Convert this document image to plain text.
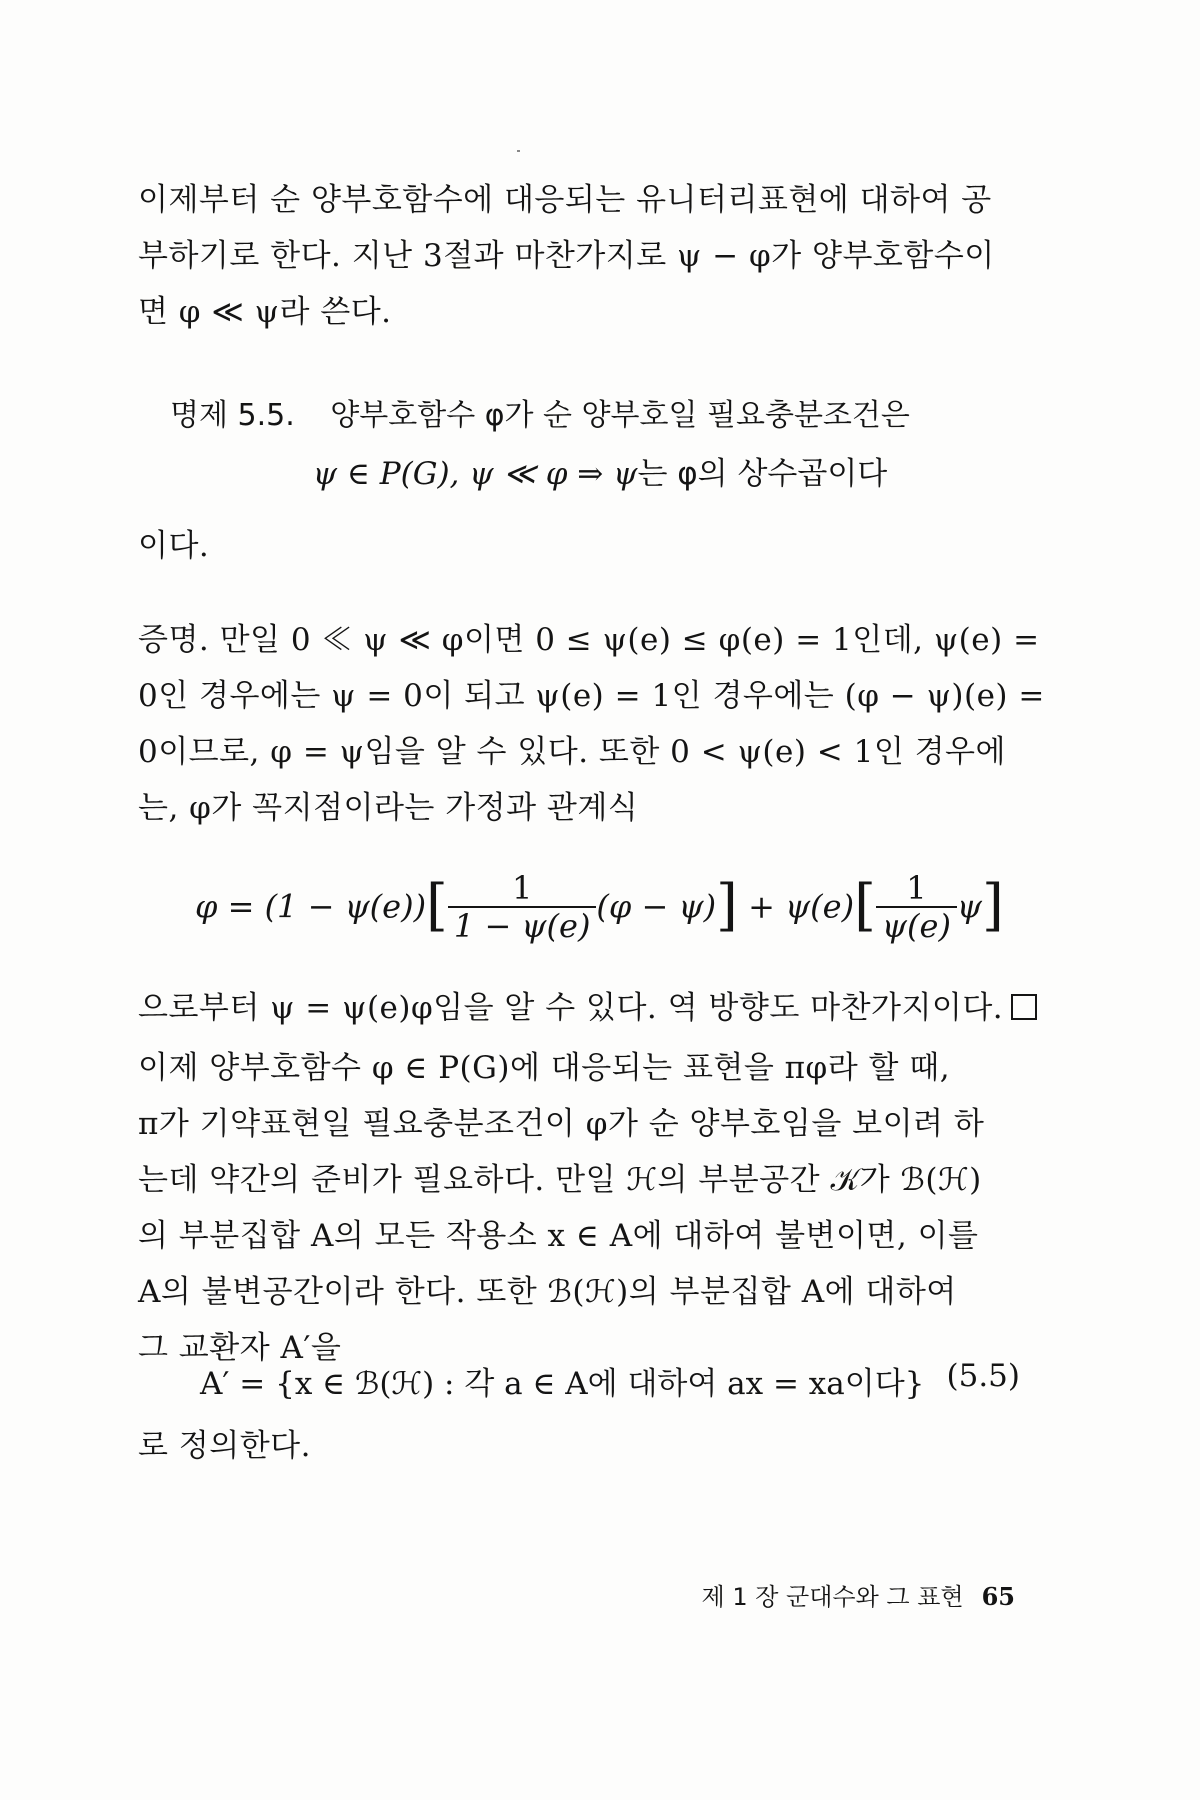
이제부터 순 양부호함수에 대응되는 유니터리표현에 대하여 공
부하기로 한다. 지난 3절과 마찬가지로 ψ − φ가 양부호함수이
면 φ ≪ ψ라 쓴다.

명제 5.5. 양부호함수 φ가 순 양부호일 필요충분조건은
ψ ∈ P(G), ψ ≪ φ ⇒ ψ는 φ의 상수곱이다

이다.

증명. 만일 0 ≪ ψ ≪ φ이면 0 ≤ ψ(e) ≤ φ(e) = 1인데, ψ(e) =
0인 경우에는 ψ = 0이 되고 ψ(e) = 1인 경우에는 (φ − ψ)(e) =
0이므로, φ = ψ임을 알 수 있다. 또한 0 < ψ(e) < 1인 경우에
는, φ가 꼭지점이라는 가정과 관계식

$\varphi = (1 - \psi(e))[ \frac{1}{1 - \psi(e)} (\varphi - \psi)] + \psi(e)[ \frac{1}{\psi(e)} \psi]$

으로부터 ψ = ψ(e)φ임을 알 수 있다. 역 방향도 마찬가지이다.

이제 양부호함수 φ ∈ P(G)에 대응되는 표현을 πφ라 할 때,
π가 기약표현일 필요충분조건이 φ가 순 양부호임을 보이려 하
는데 약간의 준비가 필요하다. 만일 ℋ의 부분공간 𝒦가 ℬ(ℋ)
의 부분집합 A의 모든 작용소 x ∈ A에 대하여 불변이면, 이를
A의 불변공간이라 한다. 또한 ℬ(ℋ)의 부분집합 A에 대하여
그 교환자 A′을

A′ = {x ∈ ℬ(ℋ) : 각 a ∈ A에 대하여 ax = xa이다} (5.5)

로 정의한다.

제 1 장 군대수와 그 표현 65
